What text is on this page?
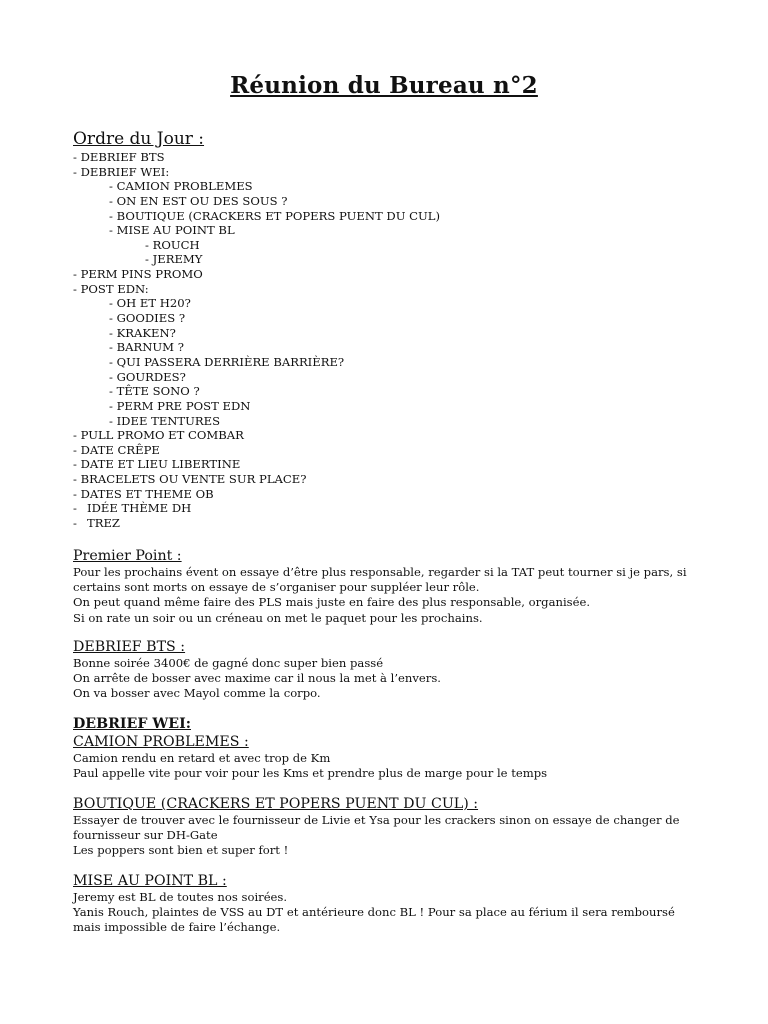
Réunion du Bureau n°2
Ordre du Jour :
- DEBRIEF BTS
- DEBRIEF WEI:
- CAMION PROBLEMES
- ON EN EST OU DES SOUS ?
- BOUTIQUE (CRACKERS ET POPERS PUENT DU CUL)
- MISE AU POINT BL
- ROUCH
- JEREMY
- PERM PINS PROMO
- POST EDN:
- OH ET H20?
- GOODIES ?
- KRAKEN?
- BARNUM ?
- QUI PASSERA DERRIÈRE BARRIÈRE?
- GOURDES?
- TÊTE SONO ?
- PERM PRE POST EDN
- IDEE TENTURES
- PULL PROMO ET COMBAR
- DATE CRÊPE
- DATE ET LIEU LIBERTINE
- BRACELETS OU VENTE SUR PLACE?
- DATES ET THEME OB
- IDÉE THÈME DH
- TREZ
Premier Point :
Pour les prochains évent on essaye d’être plus responsable, regarder si la TAT peut tourner si je pars, si certains sont morts on essaye de s’organiser pour suppléer leur rôle.
On peut quand même faire des PLS mais juste en faire des plus responsable, organisée.
Si on rate un soir ou un créneau on met le paquet pour les prochains.
DEBRIEF BTS :
Bonne soirée 3400€ de gagné donc super bien passé
On arrête de bosser avec maxime car il nous la met à l’envers.
On va bosser avec Mayol comme la corpo.
DEBRIEF WEI:
CAMION PROBLEMES :
Camion rendu en retard et avec trop de Km
Paul appelle vite pour voir pour les Kms et prendre plus de marge pour le temps
BOUTIQUE (CRACKERS ET POPERS PUENT DU CUL) :
Essayer de trouver avec le fournisseur de Livie et Ysa pour les crackers sinon on essaye de changer de fournisseur sur DH-Gate
Les poppers sont bien et super fort !
MISE AU POINT BL :
Jeremy est BL de toutes nos soirées.
Yanis Rouch, plaintes de VSS au DT et antérieure donc BL ! Pour sa place au férium il sera remboursé mais impossible de faire l’échange.
